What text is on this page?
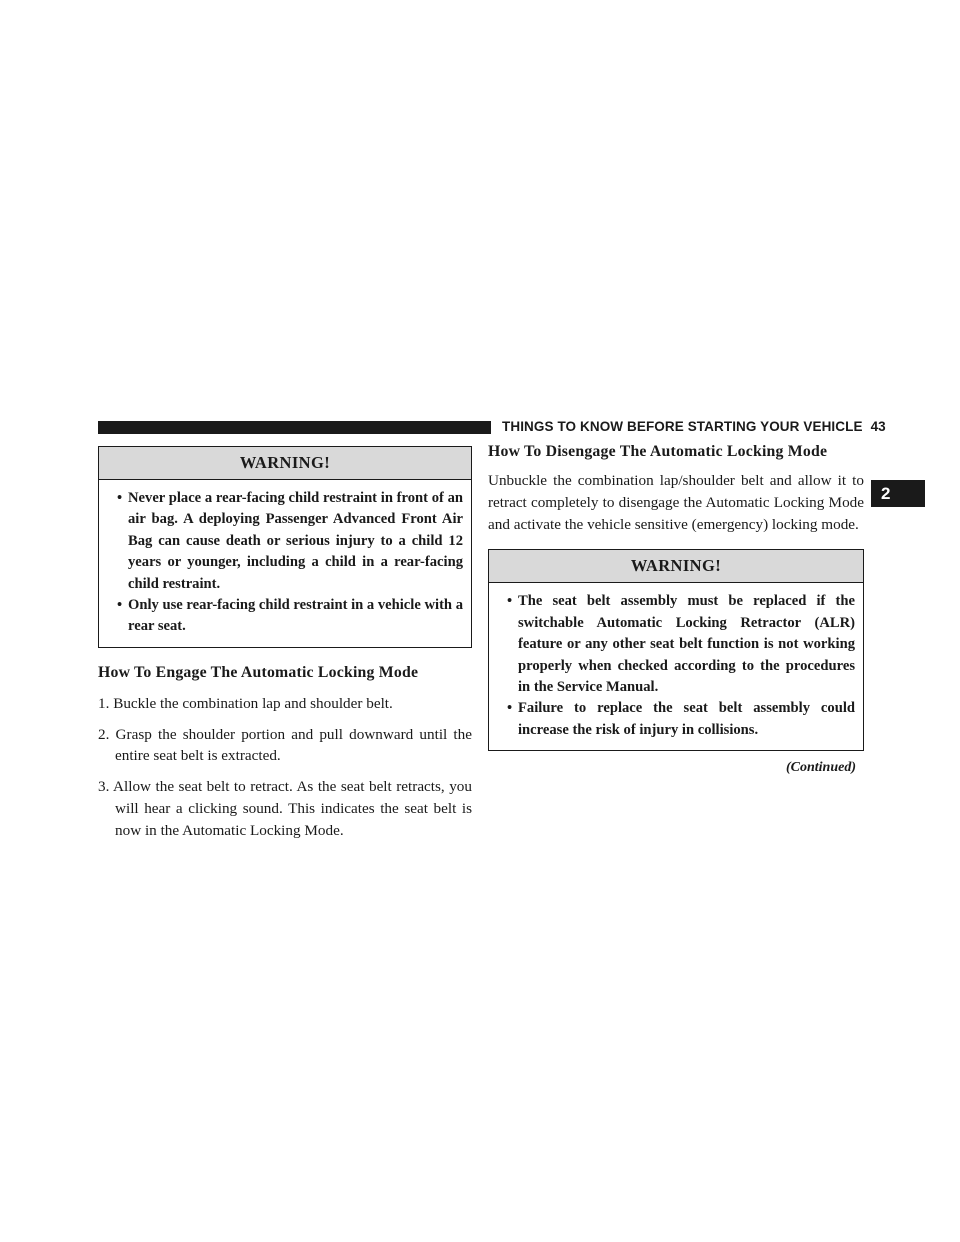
THINGS TO KNOW BEFORE STARTING YOUR VEHICLE 43
2
WARNING!
• Never place a rear-facing child restraint in front of an air bag. A deploying Passenger Advanced Front Air Bag can cause death or serious injury to a child 12 years or younger, including a child in a rear-facing child restraint.
• Only use rear-facing child restraint in a vehicle with a rear seat.
How To Engage The Automatic Locking Mode
1. Buckle the combination lap and shoulder belt.
2. Grasp the shoulder portion and pull downward until the entire seat belt is extracted.
3. Allow the seat belt to retract. As the seat belt retracts, you will hear a clicking sound. This indicates the seat belt is now in the Automatic Locking Mode.
How To Disengage The Automatic Locking Mode

Unbuckle the combination lap/shoulder belt and allow it to retract completely to disengage the Automatic Locking Mode and activate the vehicle sensitive (emergency) locking mode.

WARNING!
• The seat belt assembly must be replaced if the switchable Automatic Locking Retractor (ALR) feature or any other seat belt function is not working properly when checked according to the procedures in the Service Manual.
• Failure to replace the seat belt assembly could increase the risk of injury in collisions.
(Continued)
